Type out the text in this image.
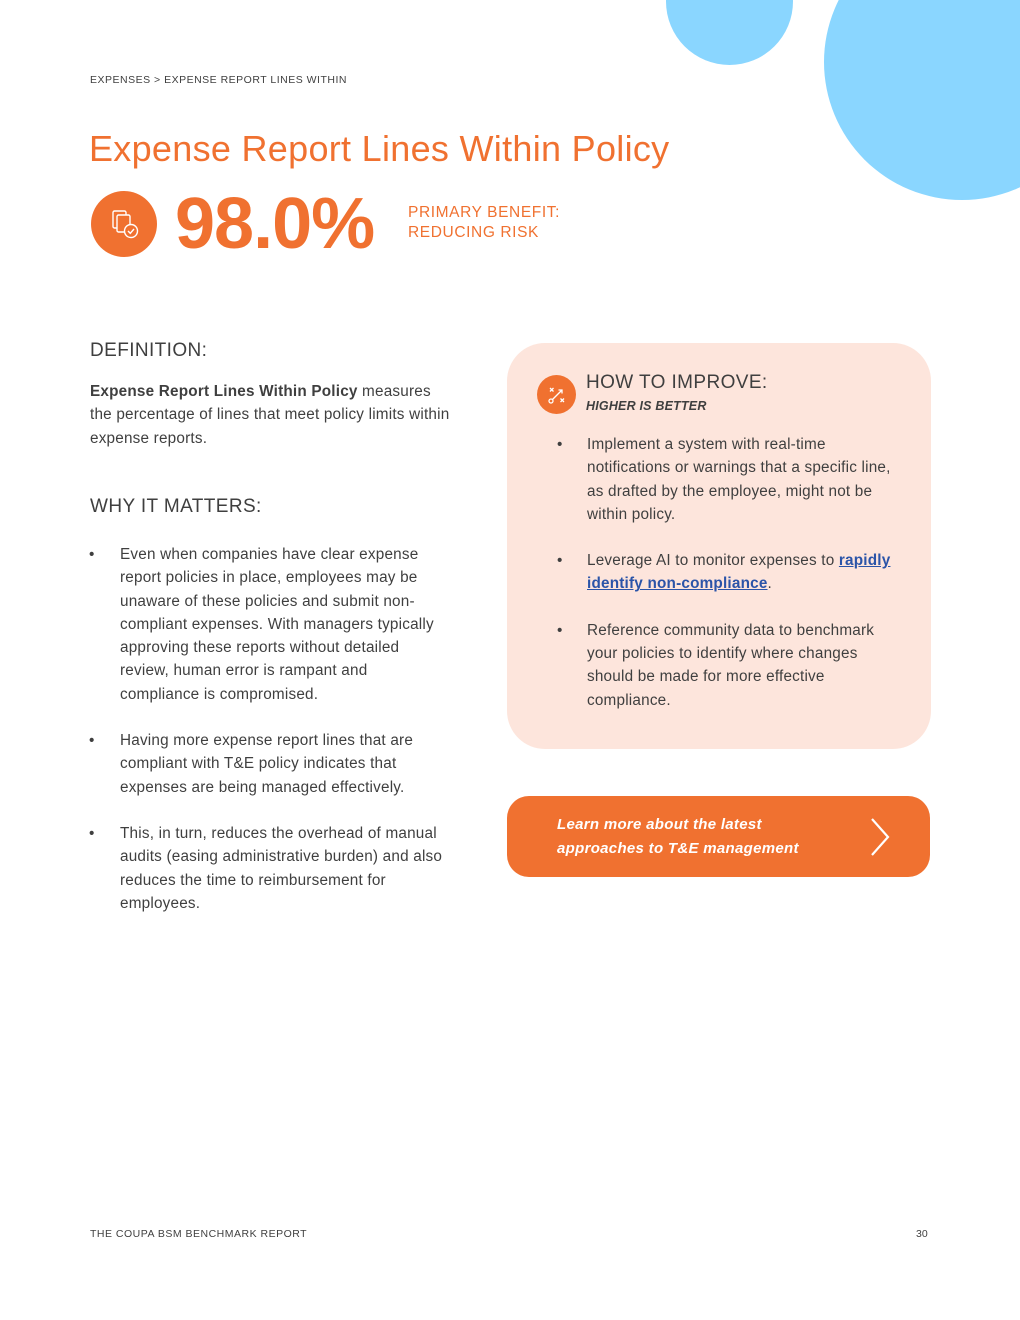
EXPENSES > EXPENSE REPORT LINES WITHIN
Expense Report Lines Within Policy
98.0% PRIMARY BENEFIT:
REDUCING RISK
DEFINITION:

Expense Report Lines Within Policy measures the percentage of lines that meet policy limits within expense reports.

WHY IT MATTERS:
• Even when companies have clear expense report policies in place, employees may be unaware of these policies and submit non-compliant expenses. With managers typically approving these reports without detailed review, human error is rampant and compliance is compromised.
• Having more expense report lines that are compliant with T&E policy indicates that expenses are being managed effectively.
• This, in turn, reduces the overhead of manual audits (easing administrative burden) and also reduces the time to reimbursement for employees.
HOW TO IMPROVE:
HIGHER IS BETTER
• Implement a system with real-time notifications or warnings that a specific line, as drafted by the employee, might not be within policy.
• Leverage AI to monitor expenses to rapidly identify non-compliance.
• Reference community data to benchmark your policies to identify where changes should be made for more effective compliance.
Learn more about the latest approaches to T&E management
THE COUPA BSM BENCHMARK REPORT	30
